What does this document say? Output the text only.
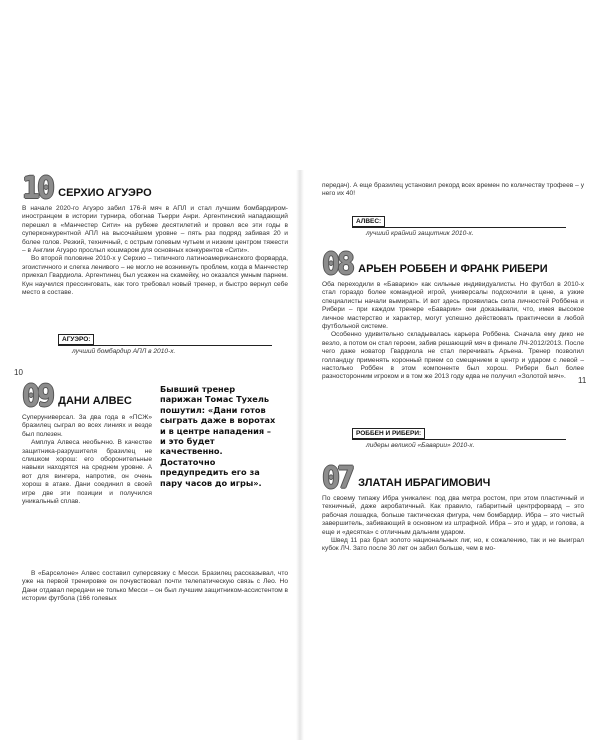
10 СЕРХИО АГУЭРО

В начале 2020-го Агуэро забил 176-й мяч в АПЛ и стал лучшим бомбардиром-иностранцем в истории турнира, обогнав Тьерри Анри. Аргентинский нападающий перешел в «Манчестер Сити» на рубеже десятилетий и провел все эти годы в суперконкурентной АПЛ на высочайшем уровне – пять раз подряд забивая 20 и более голов. Резкий, техничный, с острым голевым чутьем и низким центром тяжести – в Англии Агуэро прослыл кошмаром для основных конкурентов «Сити».

Во второй половине 2010-х у Серхио – типичного латиноамериканского форварда, эгоистичного и слегка ленивого – не могло не возникнуть проблем, когда в Манчестер приехал Гвардиола. Аргентинец был усажен на скамейку, но оказался умным парнем. Кун научился прессинговать, как того требовал новый тренер, и быстро вернул себе место в составе.

АГУЭРО:
лучший бомбардир АПЛ в 2010-х.
10
09 ДАНИ АЛВЕС

Суперуниверсал. За два года в «ПСЖ» бразилец сыграл во всех линиях и везде был полезен.

Амплуа Алвеса необычно. В качестве защитника-разрушителя бразилец не слишком хорош: его оборонительные навыки находятся на среднем уровне. А вот для вингера, напротив, он очень хорош в атаке. Дани соединил в своей игре две эти позиции и получился уникальный сплав.

Бывший тренер парижан Томас Тухель пошутил: «Дани готов сыграть даже в воротах и в центре нападения – и это будет качественно. Достаточно предупредить его за пару часов до игры».

В «Барселоне» Алвес составил суперсвязку с Месси. Бразилец рассказывал, что уже на первой тренировке он почувствовал почти телепатическую связь с Лео. Но Дани отдавал передачи не только Месси – он был лучшим защитником-ассистентом в истории футбола (166 голевых

передач). А еще бразилец установил рекорд всех времен по количеству трофеев – у него их 40!

АЛВЕС:
лучший крайний защитник 2010-х.
08 АРЬЕН РОББЕН И ФРАНК РИБЕРИ

Оба переходили в «Баварию» как сильные индивидуалисты. Но футбол в 2010-х стал гораздо более командной игрой, универсалы подскочили в цене, а узкие специалисты начали вымирать. И вот здесь проявилась сила личностей Роббена и Рибери – при каждом тренере «Баварии» они доказывали, что, имея высокое личное мастерство и характер, могут успешно действовать практически в любой футбольной системе.

Особенно удивительно складывалась карьера Роббена. Сначала ему дико не везло, а потом он стал героем, забив решающий мяч в финале ЛЧ-2012/2013. После чего даже новатор Гвардиола не стал перечивать Арьена. Тренер позволил голландцу применять коронный прием со смещением в центр и ударом с левой – настолько Роббен в этом компоненте был хорош. Рибери был более разносторонним игроком и в том же 2013 году едва не получил «Золотой мяч».	11
РОББЕН И РИБЕРИ:
лидеры великой «Баварии» 2010-х.
07 ЗЛАТАН ИБРАГИМОВИЧ

По своему типажу Ибра уникален: под два метра ростом, при этом пластичный и техничный, даже акробатичный. Как правило, габаритный центрфорвард – это рабочая лошадка, больше тактическая фигура, чем бомбардир. Ибра – это чистый завершитель, забивающий в основном из штрафной. Ибра – это и удар, и голова, а еще и «десятка» с отличным дальним ударом.

Швед 11 раз брал золото национальных лиг, но, к сожалению, так и не выиграл кубок ЛЧ. Зато после 30 лет он забил больше, чем в мо-
